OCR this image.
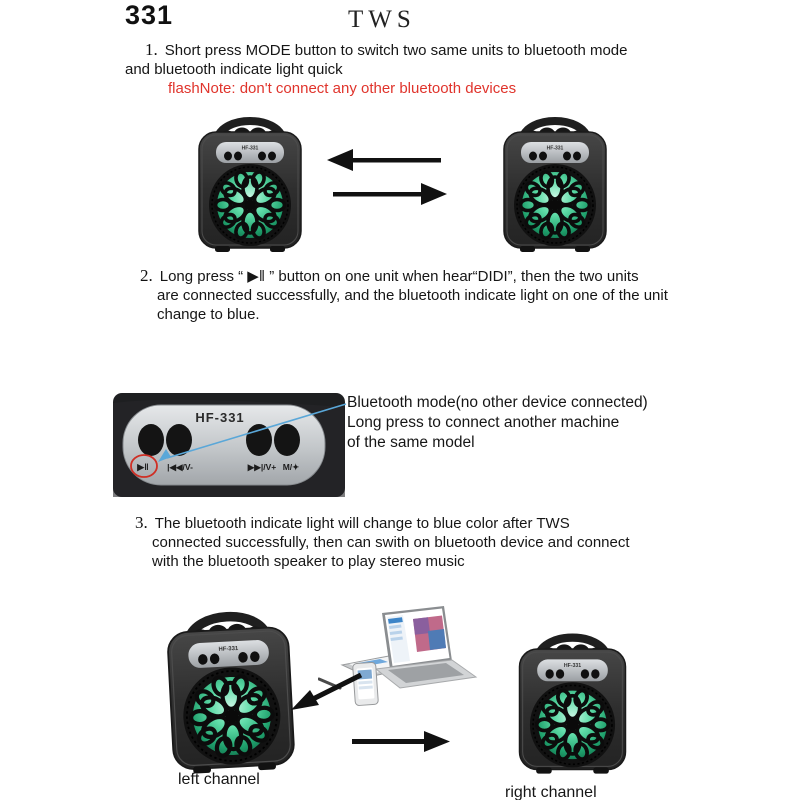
331	TWS
1. Short press MODE button to switch two same units to bluetooth mode
and bluetooth indicate light quick
flashNote: don't connect any other bluetooth devices
2. Long press “ ▶‖ ” button on one unit when hear“DIDI”, then the two units
are connected successfully, and the bluetooth indicate light on one of the unit
change to blue.
HF-331
▶‖ |◀◀/V-	▶▶|/V+ M/✦
Bluetooth mode(no other device connected)
Long press to connect another machine
of the same model
3. The bluetooth indicate light will change to blue color after TWS
connected successfully, then can swith on bluetooth device and connect
with the bluetooth speaker to play stereo music
left channel
right channel
